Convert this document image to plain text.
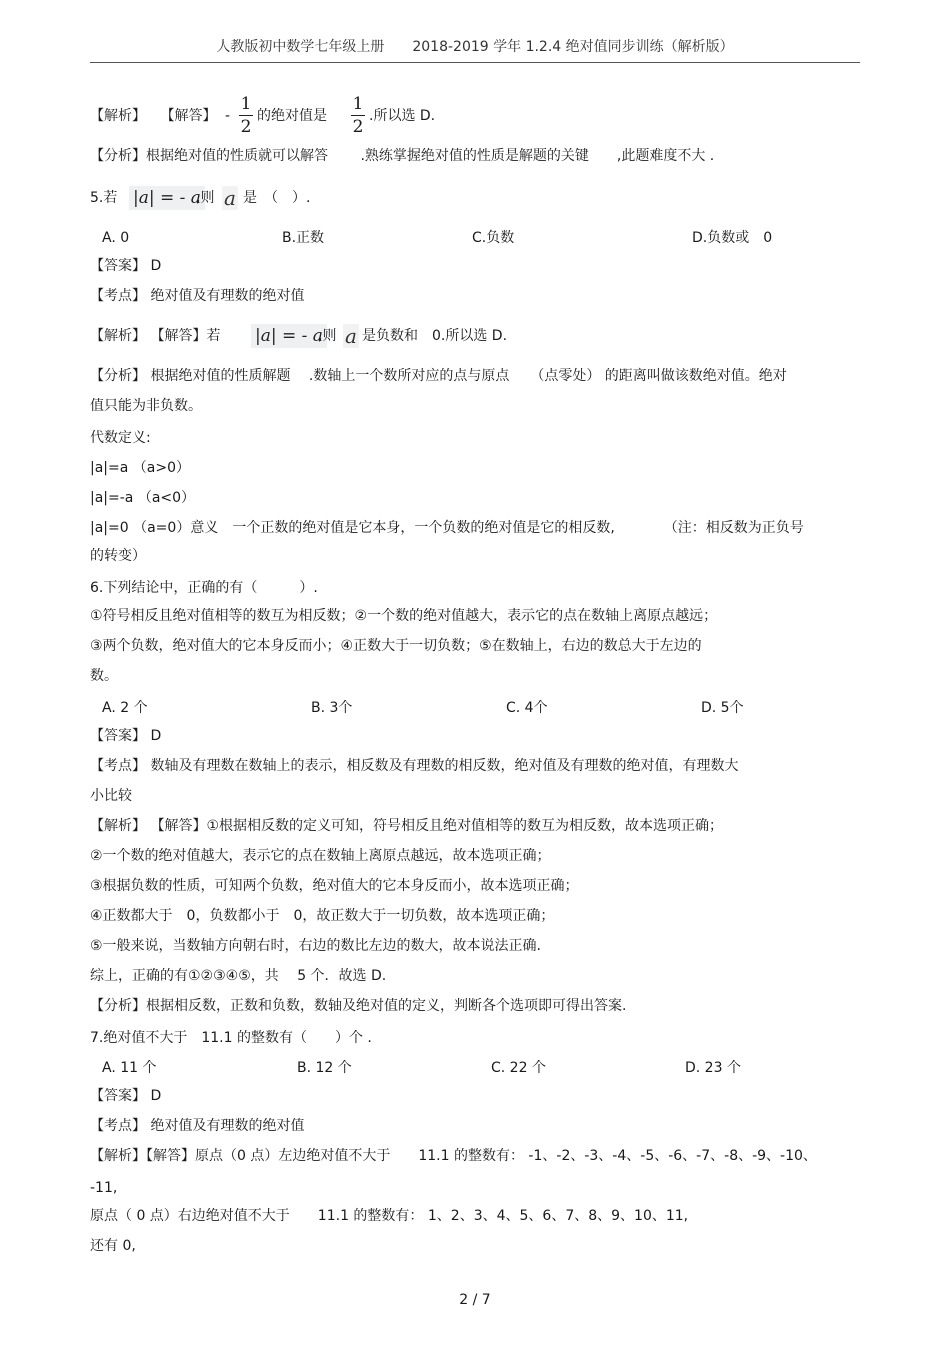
人教版初中数学七年级上册　　2018-2019 学年 1.2.4 绝对值同步训练（解析版）
【解析】 【解答】 -
1
2
的绝对值是
1
2
.所以选 D.
【分析】根据绝对值的性质就可以解答　　 .熟练掌握绝对值的性质是解题的关键　　,此题难度不大 .
5.若 |a| = - a
,则 a 是　（　）.
A. 0	B.正数	C.负数	D.负数或　0
【答案】 D
【考点】 绝对值及有理数的绝对值
【解析】 【解答】若 |a| = - a
,则 a 是负数和　0.所以选 D.
【分析】 根据绝对值的性质解题　 .数轴上一个数所对应的点与原点　　（点零处） 的距离叫做该数绝对值。绝对
值只能为非负数。
代数定义:
|a|=a （a>0）
|a|=-a （a<0）
|a|=0 （a=0）意义　一个正数的绝对值是它本身，一个负数的绝对值是它的相反数,　　　　（注：相反数为正负号
的转变）
6.下列结论中，正确的有（　　　）.
①符号相反且绝对值相等的数互为相反数；②一个数的绝对值越大，表示它的点在数轴上离原点越远；
③两个负数，绝对值大的它本身反而小；④正数大于一切负数；⑤在数轴上，右边的数总大于左边的
数。
A. 2 个	B. 3个	C. 4个	D. 5个
【答案】 D
【考点】 数轴及有理数在数轴上的表示，相反数及有理数的相反数，绝对值及有理数的绝对值，有理数大
小比较
【解析】 【解答】①根据相反数的定义可知，符号相反且绝对值相等的数互为相反数，故本选项正确；
②一个数的绝对值越大，表示它的点在数轴上离原点越远，故本选项正确；
③根据负数的性质，可知两个负数，绝对值大的它本身反而小，故本选项正确；
④正数都大于　0，负数都小于　0，故正数大于一切负数，故本选项正确；
⑤一般来说，当数轴方向朝右时，右边的数比左边的数大，故本说法正确.
综上，正确的有①②③④⑤，共　 5 个．故选 D.
【分析】根据相反数，正数和负数，数轴及绝对值的定义，判断各个选项即可得出答案.
7.绝对值不大于　11.1 的整数有（　　）个 .
A. 11 个	B. 12 个	C. 22 个	D. 23 个
【答案】 D
【考点】 绝对值及有理数的绝对值
【解析】【解答】原点（0 点）左边绝对值不大于　　11.1 的整数有： -1、-2、-3、-4、-5、-6、-7、-8、-9、-10、
-11,
原点（ 0 点）右边绝对值不大于　　11.1 的整数有： 1、2、3、4、5、6、7、8、9、10、11,
还有 0,
2 / 7
